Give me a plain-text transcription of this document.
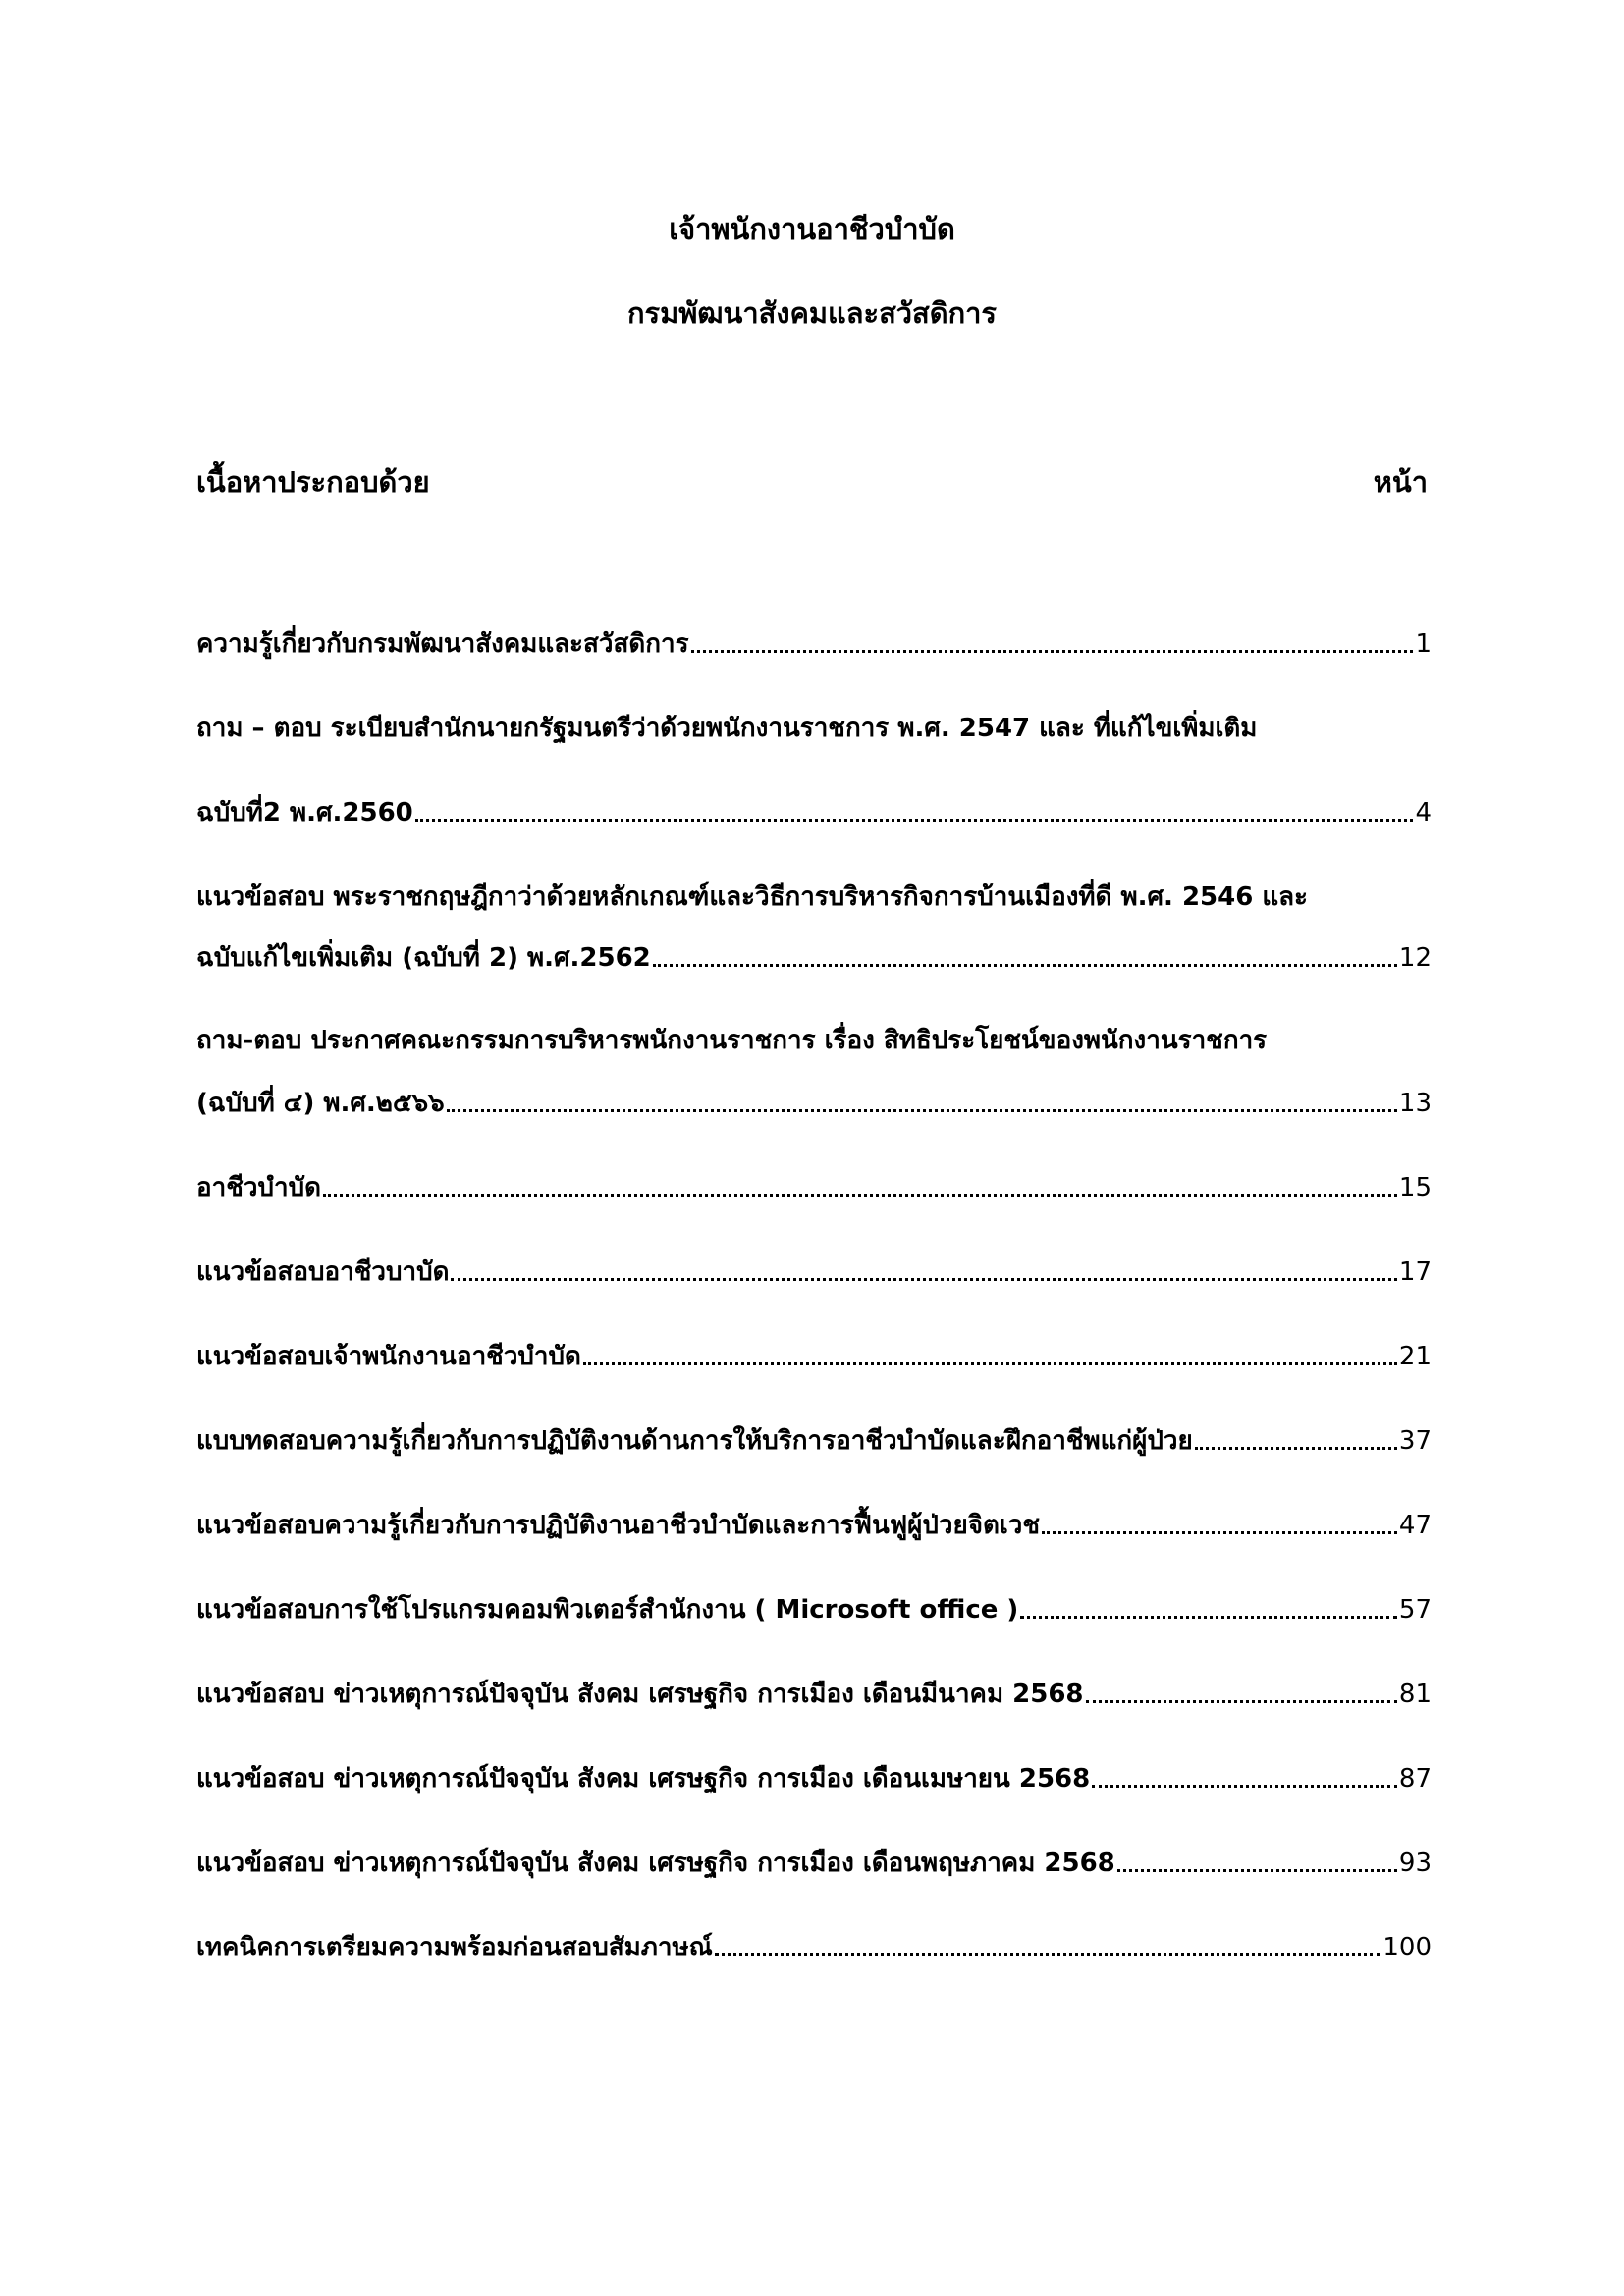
เจ้าพนักงานอาชีวบำบัด
กรมพัฒนาสังคมและสวัสดิการ
เนื้อหาประกอบด้วย	หน้า
ความรู้เกี่ยวกับกรมพัฒนาสังคมและสวัสดิการ	1
ถาม – ตอบ ระเบียบสำนักนายกรัฐมนตรีว่าด้วยพนักงานราชการ พ.ศ. 2547 และ ที่แก้ไขเพิ่มเติม
ฉบับที่2 พ.ศ.2560	4
แนวข้อสอบ พระราชกฤษฎีกาว่าด้วยหลักเกณฑ์และวิธีการบริหารกิจการบ้านเมืองที่ดี พ.ศ. 2546 และ
ฉบับแก้ไขเพิ่มเติม (ฉบับที่ 2) พ.ศ.2562	12
ถาม-ตอบ ประกาศคณะกรรมการบริหารพนักงานราชการ เรื่อง สิทธิประโยชน์ของพนักงานราชการ
(ฉบับที่ ๔) พ.ศ.๒๕๖๖	13
อาชีวบำบัด	15
แนวข้อสอบอาชีวบาบัด	17
แนวข้อสอบเจ้าพนักงานอาชีวบำบัด	21
แบบทดสอบความรู้เกี่ยวกับการปฏิบัติงานด้านการให้บริการอาชีวบำบัดและฝึกอาชีพแก่ผู้ป่วย	37
แนวข้อสอบความรู้เกี่ยวกับการปฏิบัติงานอาชีวบำบัดและการฟื้นฟูผู้ป่วยจิตเวช	47
แนวข้อสอบการใช้โปรแกรมคอมพิวเตอร์สำนักงาน ( Microsoft office )	57
แนวข้อสอบ ข่าวเหตุการณ์ปัจจุบัน สังคม เศรษฐกิจ การเมือง เดือนมีนาคม 2568	81
แนวข้อสอบ ข่าวเหตุการณ์ปัจจุบัน สังคม เศรษฐกิจ การเมือง เดือนเมษายน 2568	87
แนวข้อสอบ ข่าวเหตุการณ์ปัจจุบัน สังคม เศรษฐกิจ การเมือง เดือนพฤษภาคม 2568	93
เทคนิคการเตรียมความพร้อมก่อนสอบสัมภาษณ์	100
